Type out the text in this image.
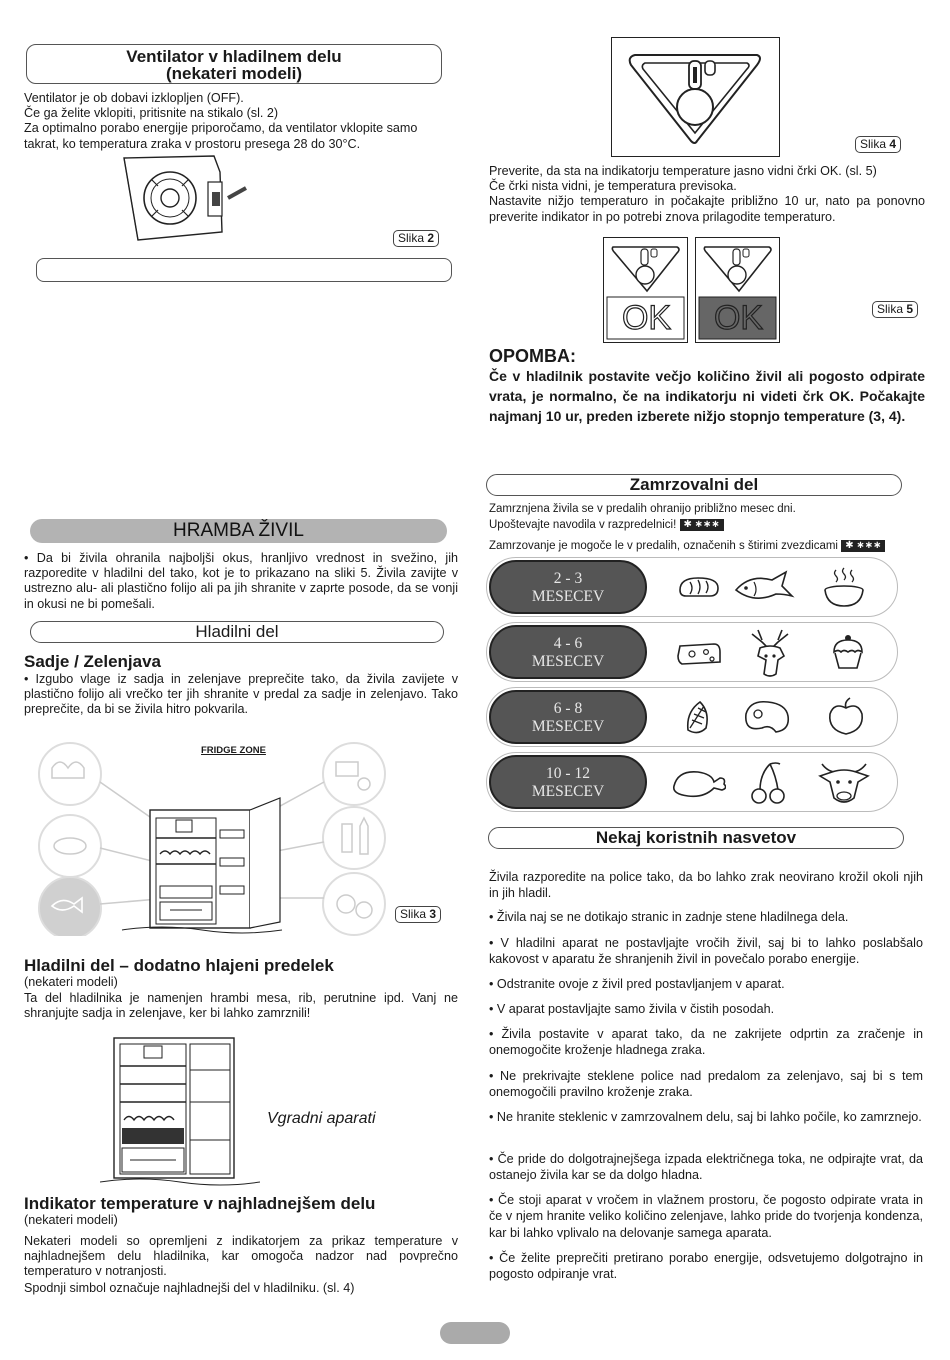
Ventilator v hladilnem delu
(nekateri modeli)
Ventilator je ob dobavi izklopljen (OFF).
Če ga želite vklopiti, pritisnite na stikalo (sl. 2)
Za optimalno porabo energije priporočamo, da ventilator vklopite samo
takrat, ko temperatura zraka v prostoru presega 28 do 30°C.
Slika 2
HRAMBA ŽIVIL
• Da bi živila ohranila najboljši okus, hranljivo vrednost in svežino, jih razporedite v hladilni del tako, kot je to prikazano na sliki 5. Živila zavijte v ustrezno alu- ali plastično folijo ali pa jih shranite v zaprte posode, da se vonji in okusi ne bi pomešali.
Hladilni del
Sadje / Zelenjava
• Izgubo vlage iz sadja in zelenjave preprečite tako, da živila zavijete v plastično folijo ali vrečko ter jih shranite v predal za sadje in zelenjavo. Tako preprečite, da bi se živila hitro pokvarila.
FRIDGE ZONE
Slika 3
Hladilni del – dodatno hlajeni predelek
(nekateri modeli)
Ta del hladilnika je namenjen hrambi mesa, rib, perutnine ipd. Vanj ne shranjujte sadja in zelenjave, ker bi lahko zamrznili!
Vgradni aparati
Indikator temperature v najhladnejšem delu
(nekateri modeli)
Nekateri modeli so opremljeni z indikatorjem za prikaz temperature v najhladnejšem delu hladilnika, kar omogoča nadzor nad povprečno temperaturo v notranjosti.
Spodnji simbol označuje najhladnejši del v hladilniku. (sl. 4)
Slika 4
Preverite, da sta na indikatorju temperature jasno vidni črki OK. (sl. 5)
Če črki nista vidni, je temperatura previsoka.
Nastavite nižjo temperaturo in počakajte približno 10 ur, nato pa ponovno preverite indikator in po potrebi znova prilagodite temperaturo.
OK	OK	Slika 5
OPOMBA:
Če v hladilnik postavite večjo količino živil ali pogosto odpirate vrata, je normalno, če na indikatorju ni videti črk OK. Počakajte najmanj 10 ur, preden izberete nižjo stopnjo temperature (3, 4).
Zamrzovalni del
Zamrznjena živila se v predalih ohranijo približno mesec dni.
Upoštevajte navodila v razpredelnici! ✱ ∗∗∗
Zamrzovanje je mogoče le v predalih, označenih s štirimi zvezdicami ✱ ∗∗∗
2 - 3
MESECEV
4 - 6
MESECEV
6 - 8
MESECEV
10 - 12
MESECEV
Nekaj koristnih nasvetov
Živila razporedite na police tako, da bo lahko zrak neovirano krožil okoli njih in jih hladil.
• Živila naj se ne dotikajo stranic in zadnje stene hladilnega dela.
• V hladilni aparat ne postavljajte vročih živil, saj bi to lahko poslabšalo kakovost v aparatu že shranjenih živil in povečalo porabo energije.
• Odstranite ovoje z živil pred postavljanjem v aparat.
• V aparat postavljajte samo živila v čistih posodah.
• Živila postavite v aparat tako, da ne zakrijete odprtin za zračenje in onemogočite kroženje hladnega zraka.
• Ne prekrivajte steklene police nad predalom za zelenjavo, saj bi s tem onemogočili pravilno kroženje zraka.
• Ne hranite steklenic v zamrzovalnem delu, saj bi lahko počile, ko zamrznejo.
• Če pride do dolgotrajnejšega izpada električnega toka, ne odpirajte vrat, da ostanejo živila kar se da dolgo hladna.
• Če stoji aparat v vročem in vlažnem prostoru, če pogosto odpirate vrata in če v njem hranite veliko količino zelenjave, lahko pride do tvorjenja kondenza, kar bi lahko vplivalo na delovanje samega aparata.
• Če želite preprečiti pretirano porabo energije, odsvetujemo dolgotrajno in pogosto odpiranje vrat.
